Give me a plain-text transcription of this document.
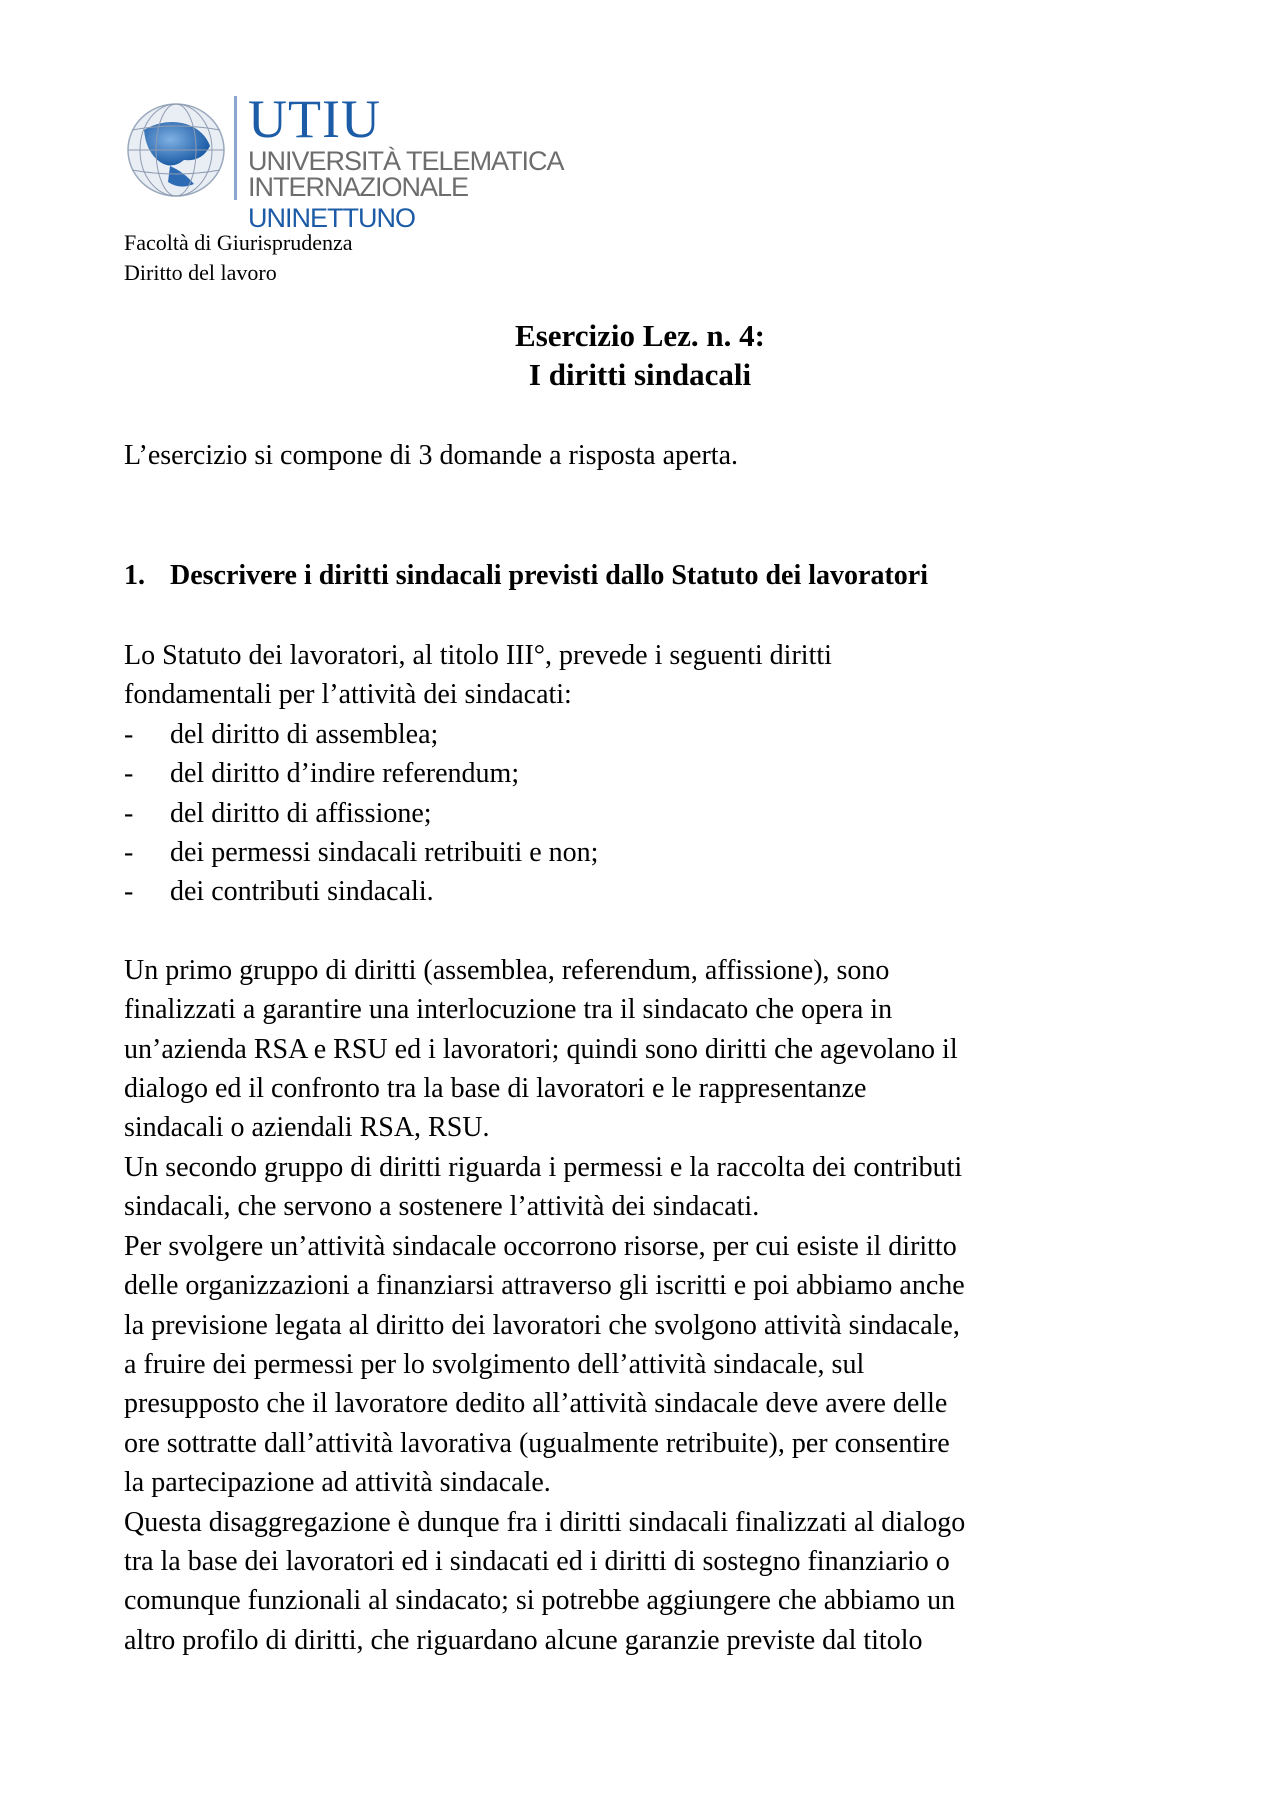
UTIU
UNIVERSITÀ TELEMATICA
INTERNAZIONALE UNINETTUNO
Facoltà di Giurisprudenza
Diritto del lavoro
Esercizio Lez. n. 4:
I diritti sindacali
L’esercizio si compone di 3 domande a risposta aperta.
1. Descrivere i diritti sindacali previsti dallo Statuto dei lavoratori

Lo Statuto dei lavoratori, al titolo III°, prevede i seguenti diritti

fondamentali per l’attività dei sindacati:

- del diritto di assemblea;
- del diritto d’indire referendum;
- del diritto di affissione;
- dei permessi sindacali retribuiti e non;
- dei contributi sindacali.

Un primo gruppo di diritti (assemblea, referendum, affissione), sono

finalizzati a garantire una interlocuzione tra il sindacato che opera in

un’azienda RSA e RSU ed i lavoratori; quindi sono diritti che agevolano il

dialogo ed il confronto tra la base di lavoratori e le rappresentanze

sindacali o aziendali RSA, RSU.

Un secondo gruppo di diritti riguarda i permessi e la raccolta dei contributi

sindacali, che servono a sostenere l’attività dei sindacati.

Per svolgere un’attività sindacale occorrono risorse, per cui esiste il diritto

delle organizzazioni a finanziarsi attraverso gli iscritti e poi abbiamo anche

la previsione legata al diritto dei lavoratori che svolgono attività sindacale,

a fruire dei permessi per lo svolgimento dell’attività sindacale, sul

presupposto che il lavoratore dedito all’attività sindacale deve avere delle

ore sottratte dall’attività lavorativa (ugualmente retribuite), per consentire

la partecipazione ad attività sindacale.

Questa disaggregazione è dunque fra i diritti sindacali finalizzati al dialogo

tra la base dei lavoratori ed i sindacati ed i diritti di sostegno finanziario o

comunque funzionali al sindacato; si potrebbe aggiungere che abbiamo un

altro profilo di diritti, che riguardano alcune garanzie previste dal titolo
